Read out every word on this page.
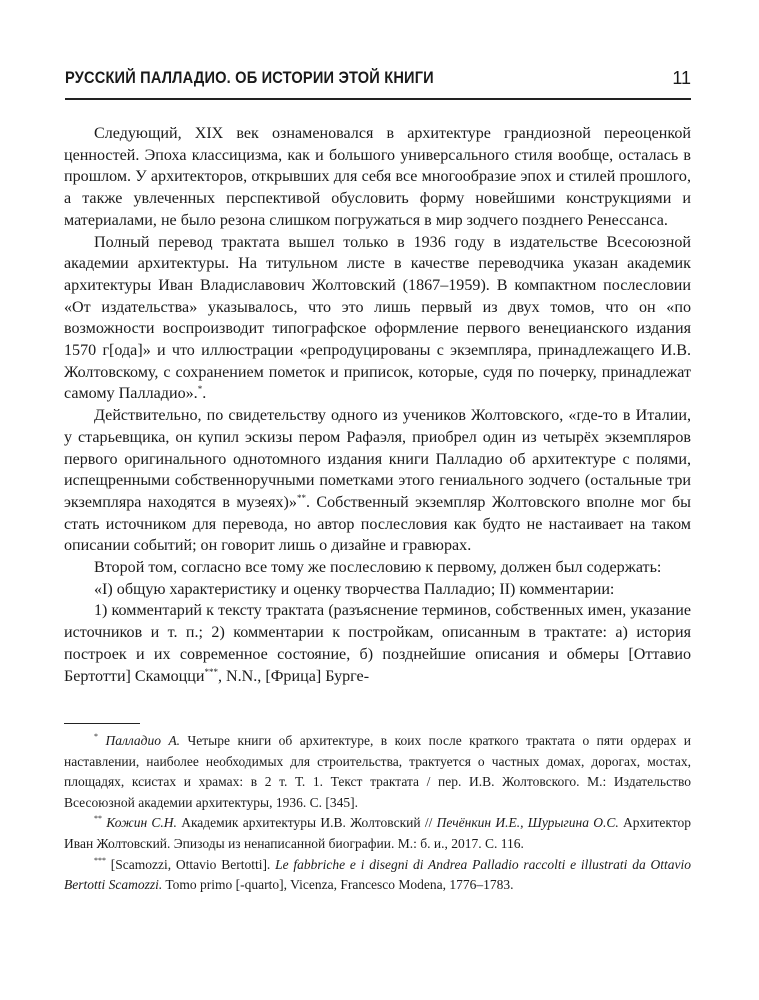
РУССКИЙ ПАЛЛАДИО. ОБ ИСТОРИИ ЭТОЙ КНИГИ	11

Следующий, XIX век ознаменовался в архитектуре грандиозной переоценкой ценностей. Эпоха классицизма, как и большого универсального стиля вообще, осталась в прошлом. У архитекторов, открывших для себя все многообразие эпох и стилей прошлого, а также увлеченных перспективой обусловить форму новейшими конструкциями и материалами, не было резона слишком погружаться в мир зодчего позднего Ренессанса.

Полный перевод трактата вышел только в 1936 году в издательстве Всесоюзной академии архитектуры. На титульном листе в качестве переводчика указан академик архитектуры Иван Владиславович Жолтовский (1867–1959). В компактном послесловии «От издательства» указывалось, что это лишь первый из двух томов, что он «по возможности воспроизводит типографское оформление первого венецианского издания 1570 г[ода]» и что иллюстрации «репродуцированы с экземпляра, принадлежащего И.В. Жолтовскому, с сохранением пометок и приписок, которые, судя по почерку, принадлежат самому Палладио».*.

Действительно, по свидетельству одного из учеников Жолтовского, «где-то в Италии, у старьевщика, он купил эскизы пером Рафаэля, приобрел один из четырёх экземпляров первого оригинального однотомного издания книги Палладио об архитектуре с полями, испещренными собственноручными пометками этого гениального зодчего (остальные три экземпляра находятся в музеях)»**. Собственный экземпляр Жолтовского вполне мог бы стать источником для перевода, но автор послесловия как будто не настаивает на таком описании событий; он говорит лишь о дизайне и гравюрах.

Второй том, согласно все тому же послесловию к первому, должен был содержать:

«I) общую характеристику и оценку творчества Палладио; II) комментарии:

1) комментарий к тексту трактата (разъяснение терминов, собственных имен, указание источников и т. п.; 2) комментарии к постройкам, описанным в трактате: а) история построек и их современное состояние, б) позднейшие описания и обмеры [Оттавио Бертотти] Скамоцци***, N.N., [Фрица] Бурге-

* Палладио А. Четыре книги об архитектуре, в коих после краткого трактата о пяти ордерах и наставлении, наиболее необходимых для строительства, трактуется о частных домах, дорогах, мостах, площадях, ксистах и храмах: в 2 т. Т. 1. Текст трактата / пер. И.В. Жолтовского. М.: Издательство Всесоюзной академии архитектуры, 1936. С. [345].

** Кожин С.Н. Академик архитектуры И.В. Жолтовский // Печёнкин И.Е., Шурыгина О.С. Архитектор Иван Жолтовский. Эпизоды из ненаписанной биографии. М.: б. и., 2017. С. 116.

*** [Scamozzi, Ottavio Bertotti]. Le fabbriche e i disegni di Andrea Palladio raccolti e illustrati da Ottavio Bertotti Scamozzi. Tomo primo [-quarto], Vicenza, Francesco Modena, 1776–1783.
